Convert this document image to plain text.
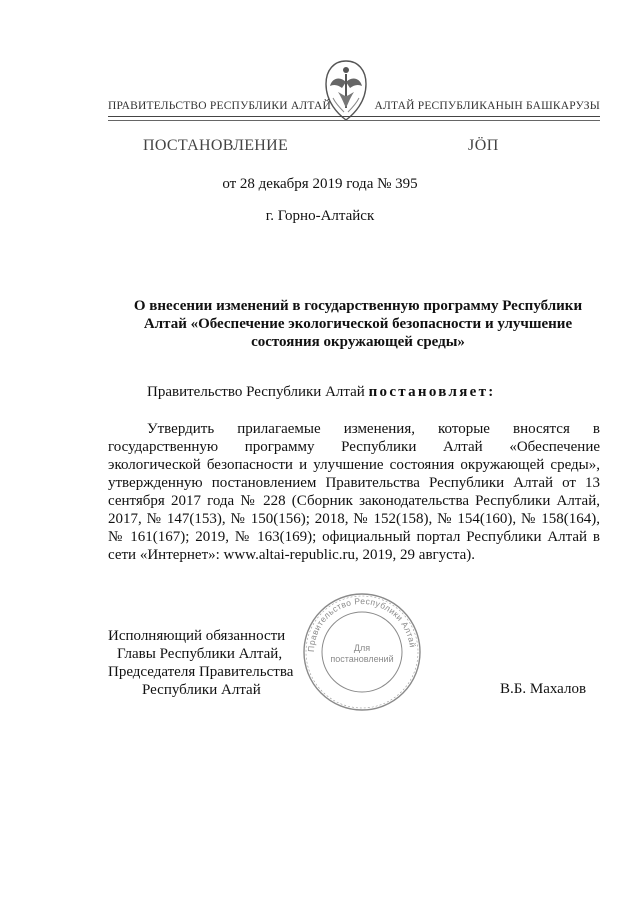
ПРАВИТЕЛЬСТВО РЕСПУБЛИКИ АЛТАЙ	АЛТАЙ РЕСПУБЛИКАНЫН БАШКАРУЗЫ
ПОСТАНОВЛЕНИЕ	ЈӦП
от 28 декабря 2019 года № 395
г. Горно-Алтайск
О внесении изменений в государственную программу Республики
Алтай «Обеспечение экологической безопасности и улучшение
состояния окружающей среды»
Правительство Республики Алтай постановляет:

Утвердить прилагаемые изменения, которые вносятся в государственную программу Республики Алтай «Обеспечение экологической безопасности и улучшение состояния окружающей среды», утвержденную постановлением Правительства Республики Алтай от 13 сентября 2017 года № 228 (Сборник законодательства Республики Алтай, 2017, № 147(153), № 150(156); 2018, № 152(158), № 154(160), № 158(164), № 161(167); 2019, № 163(169); официальный портал Республики Алтай в сети «Интернет»: www.altai-republic.ru, 2019, 29 августа).

Исполняющий обязанности
Главы Республики Алтай,
Председателя Правительства
Республики Алтай
Правительство Республики Алтай
Для
постановлений
В.Б. Махалов
